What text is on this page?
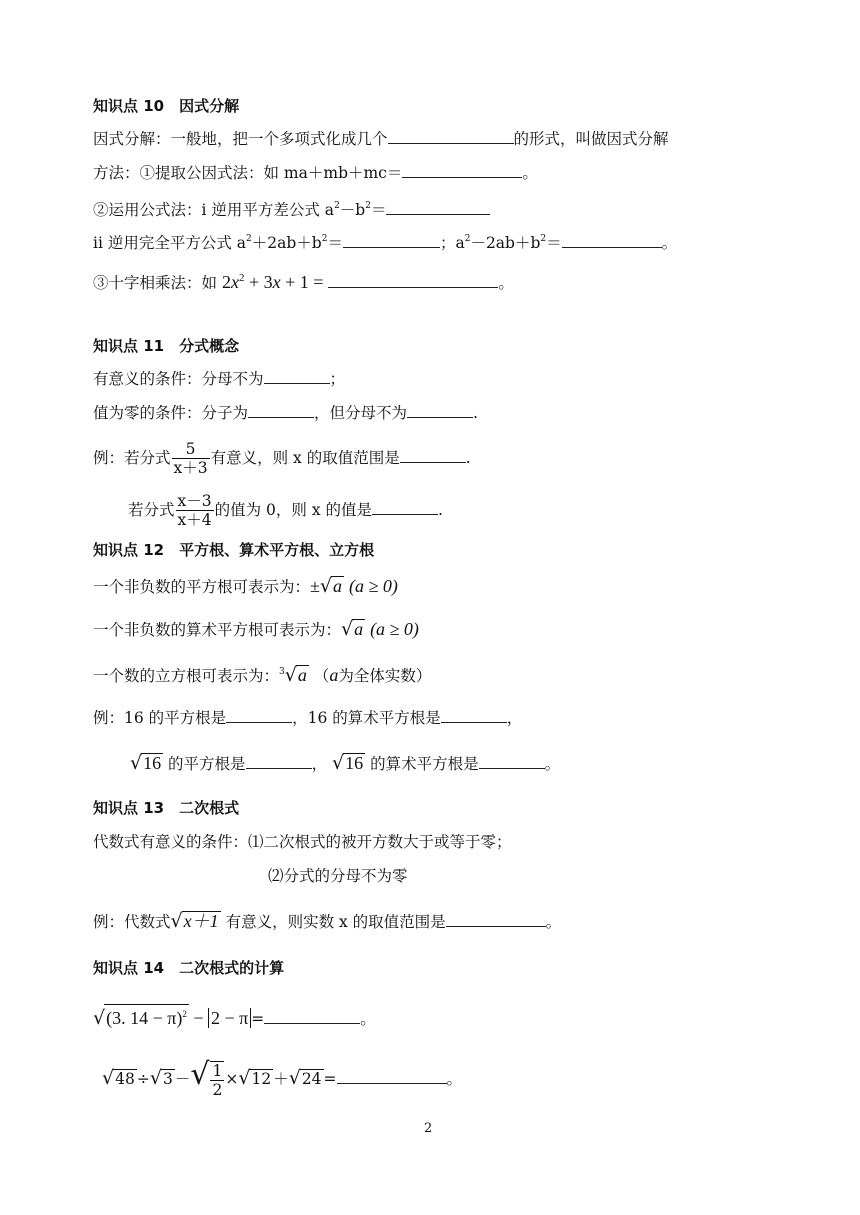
知识点 10　因式分解
因式分解：一般地，把一个多项式化成几个	的形式，叫做因式分解
方法：①提取公因式法：如 ma＋mb＋mc＝	。
②运用公式法：i 逆用平方差公式 $a^2-b^2=$
ii 逆用完全平方公式 $a^2+2ab+b^2=$	；$a^2-2ab+b^2=$	。
③十字相乘法：如 $2x^2 + 3x + 1$ =	。
知识点 11　分式概念
有意义的条件：分母不为	；
值为零的条件：分子为	，但分母不为	.
例：若分式 $\frac{5}{x+3}$ 有意义，则 x 的取值范围是	.
若分式 $\frac{x-3}{x+4}$ 的值为 0，则 x 的值是	.
知识点 12　平方根、算术平方根、立方根
一个非负数的平方根可表示为：±√a (a ≥ 0)
一个非负数的算术平方根可表示为：√a (a ≥ 0)
一个数的立方根可表示为：$^3$√a （a为全体实数）
例：16 的平方根是	，16 的算术平方根是	，
√16 的平方根是	， √16 的算术平方根是	。
知识点 13　二次根式
代数式有意义的条件：⑴二次根式的被开方数大于或等于零；
⑵分式的分母不为零
例：代数式√x＋1 有意义，则实数 x 的取值范围是	。
知识点 14　二次根式的计算
√(3. 14 − π)$^2$ − 2 − π =	。
√48 ÷√3 －√ $\frac{1}{2} \times√12 +√24$ =	。
2
